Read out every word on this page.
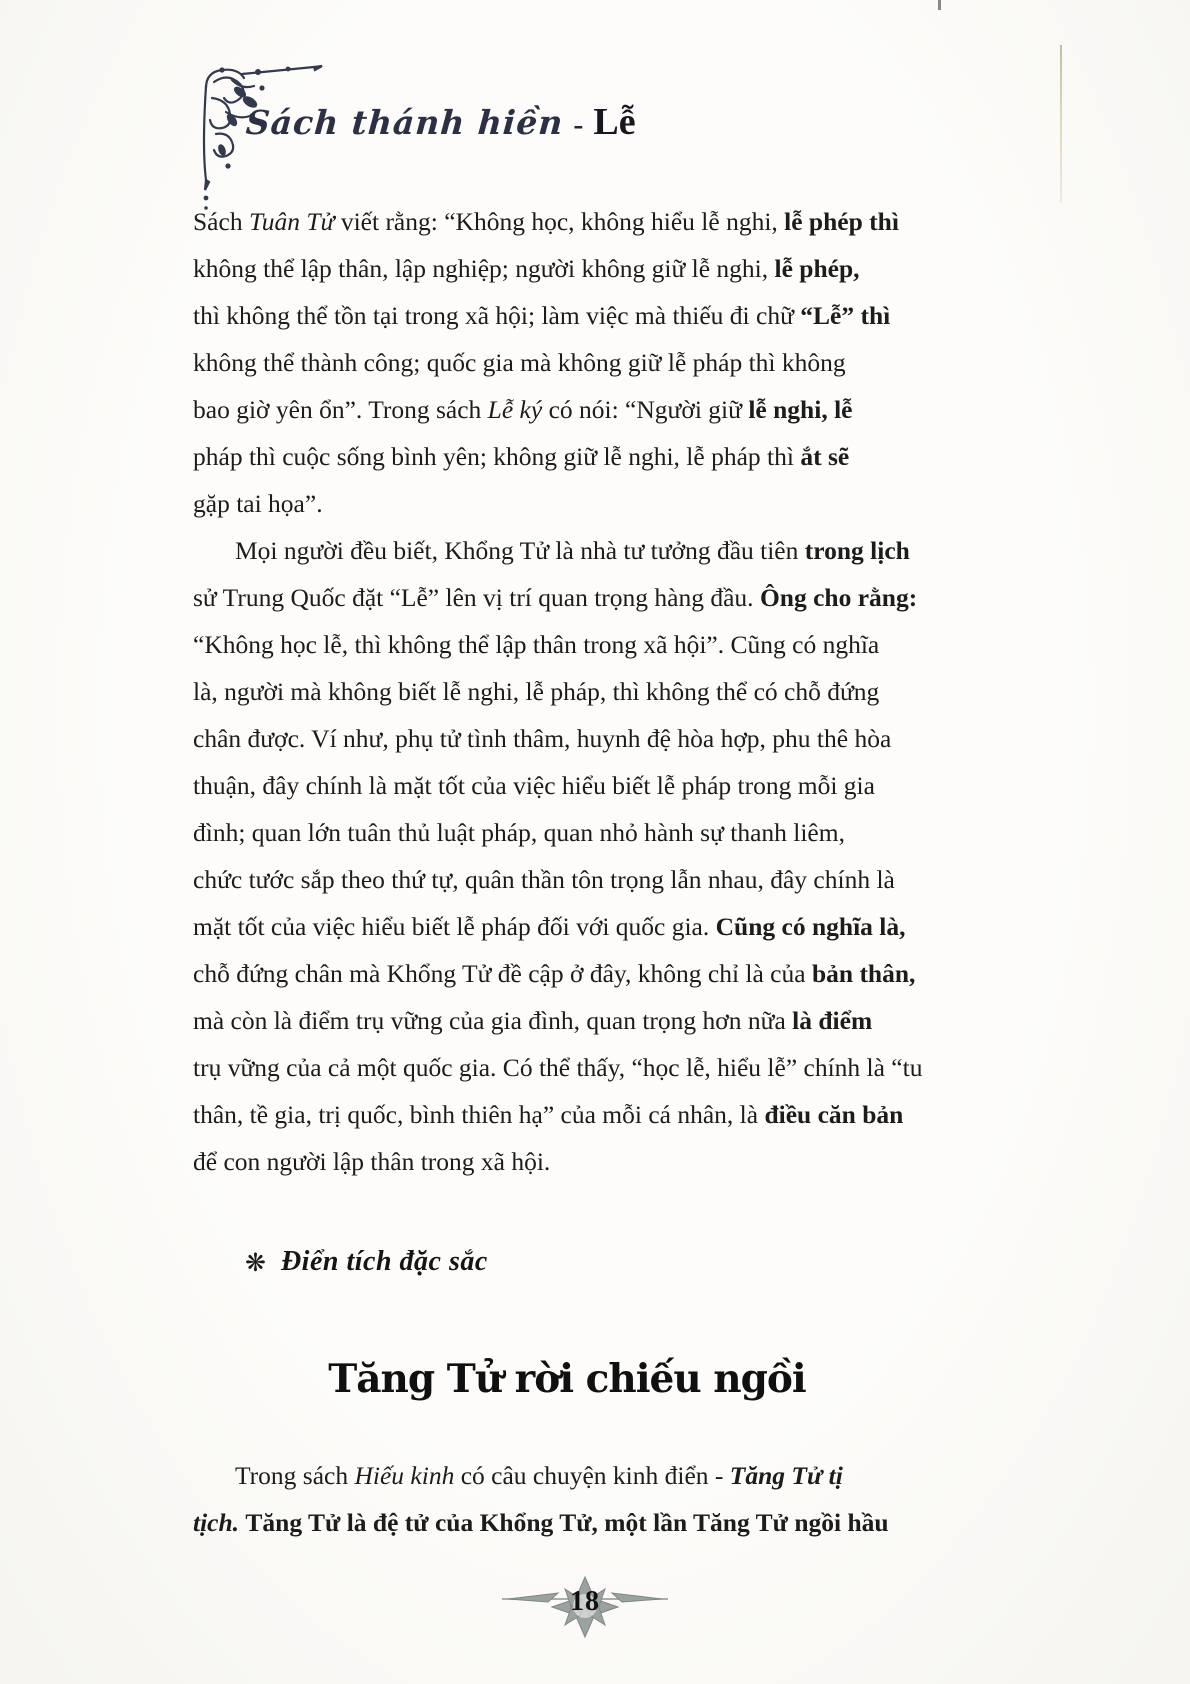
Sách thánh hiền - Lễ
Sách Tuân Tử viết rằng: “Không học, không hiểu lễ nghi, lễ phép thì
không thể lập thân, lập nghiệp; người không giữ lễ nghi, lễ phép,
thì không thể tồn tại trong xã hội; làm việc mà thiếu đi chữ “Lễ” thì
không thể thành công; quốc gia mà không giữ lễ pháp thì không
bao giờ yên ổn”. Trong sách Lễ ký có nói: “Người giữ lễ nghi, lễ
pháp thì cuộc sống bình yên; không giữ lễ nghi, lễ pháp thì ắt sẽ
gặp tai họa”.
Mọi người đều biết, Khổng Tử là nhà tư tưởng đầu tiên trong lịch
sử Trung Quốc đặt “Lễ” lên vị trí quan trọng hàng đầu. Ông cho rằng:
“Không học lễ, thì không thể lập thân trong xã hội”. Cũng có nghĩa
là, người mà không biết lễ nghi, lễ pháp, thì không thể có chỗ đứng
chân được. Ví như, phụ tử tình thâm, huynh đệ hòa hợp, phu thê hòa
thuận, đây chính là mặt tốt của việc hiểu biết lễ pháp trong mỗi gia
đình; quan lớn tuân thủ luật pháp, quan nhỏ hành sự thanh liêm,
chức tước sắp theo thứ tự, quân thần tôn trọng lẫn nhau, đây chính là
mặt tốt của việc hiểu biết lễ pháp đối với quốc gia. Cũng có nghĩa là,
chỗ đứng chân mà Khổng Tử đề cập ở đây, không chỉ là của bản thân,
mà còn là điểm trụ vững của gia đình, quan trọng hơn nữa là điểm
trụ vững của cả một quốc gia. Có thể thấy, “học lễ, hiểu lễ” chính là “tu
thân, tề gia, trị quốc, bình thiên hạ” của mỗi cá nhân, là điều căn bản
để con người lập thân trong xã hội.
❋ Điển tích đặc sắc
Tăng Tử rời chiếu ngồi
Trong sách Hiếu kinh có câu chuyện kinh điển - Tăng Tử tị
tịch. Tăng Tử là đệ tử của Khổng Tử, một lần Tăng Tử ngồi hầu
18
